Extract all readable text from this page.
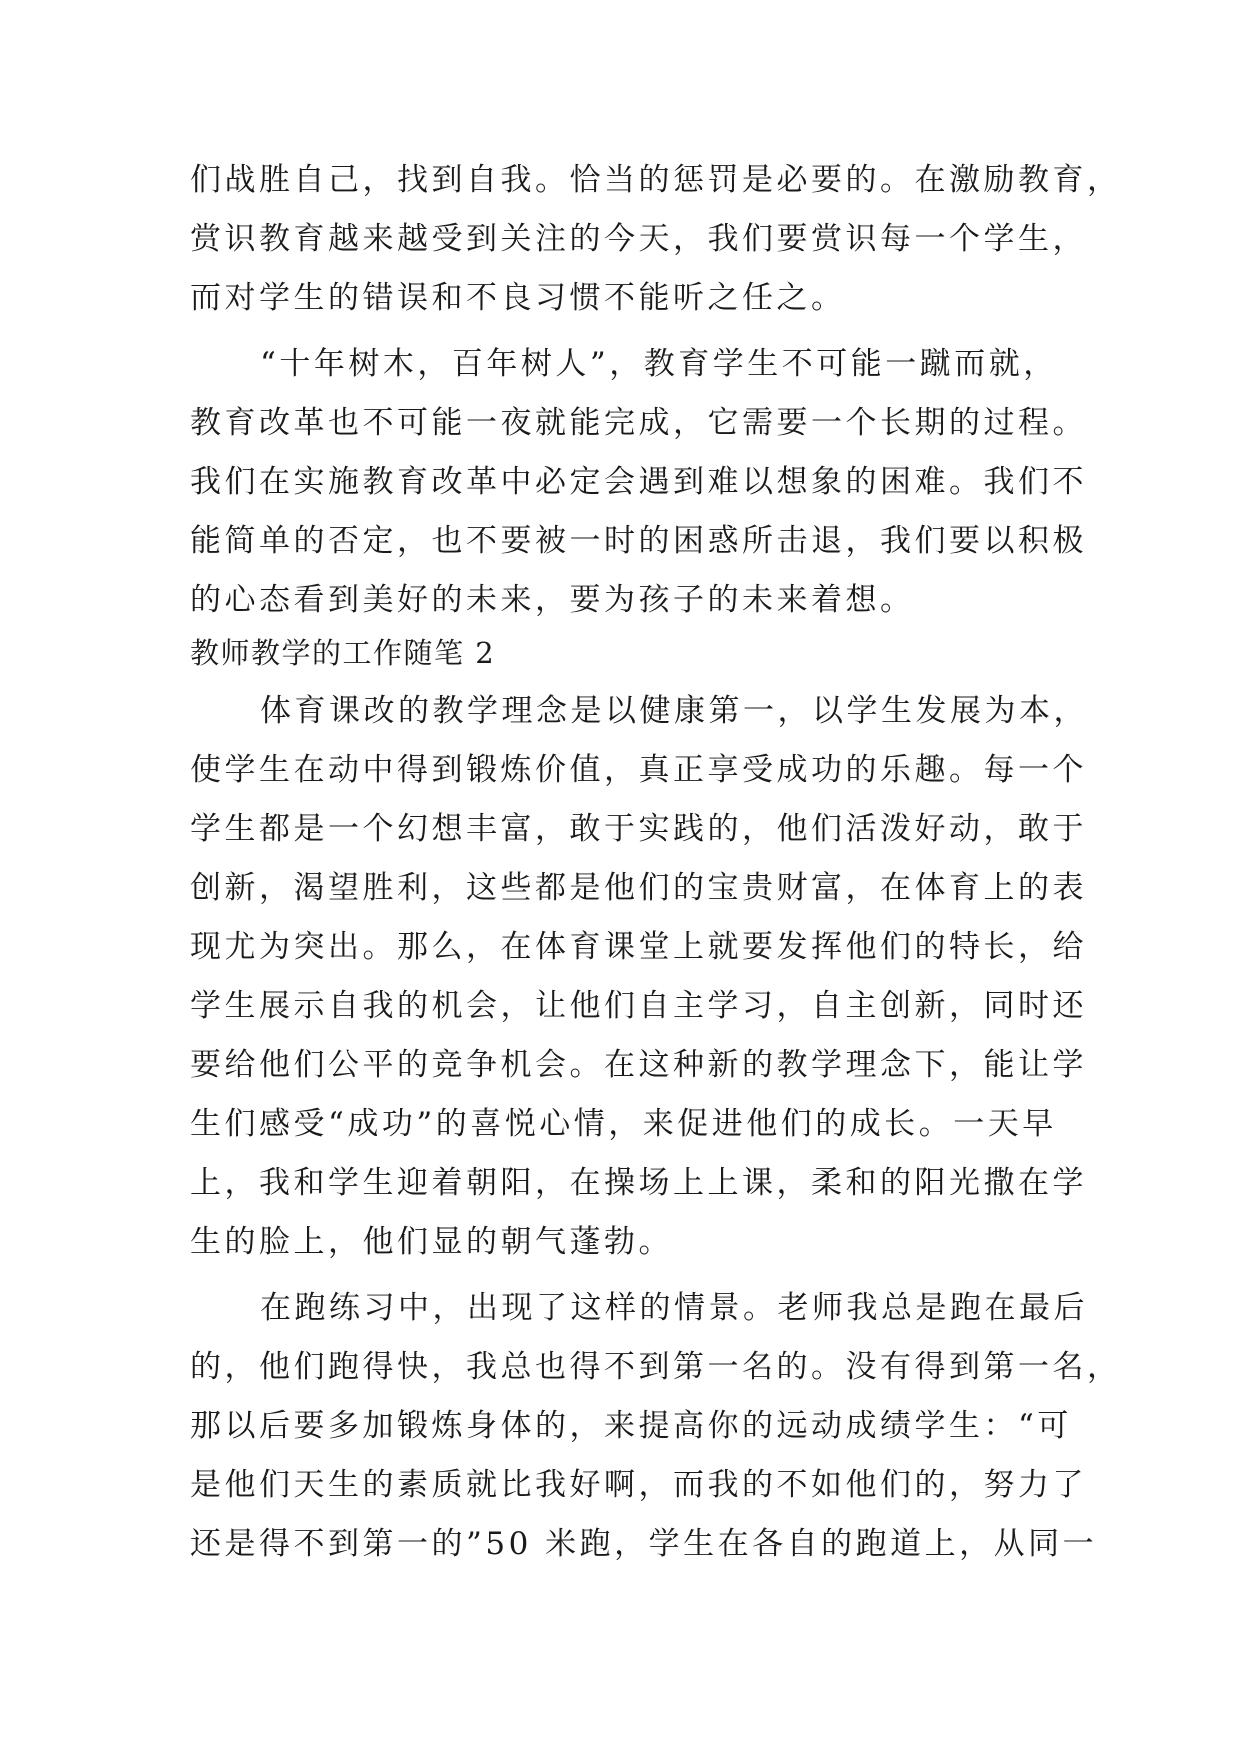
们战胜自己，找到自我。恰当的惩罚是必要的。在激励教育，
赏识教育越来越受到关注的今天，我们要赏识每一个学生，
而对学生的错误和不良习惯不能听之任之。
“十年树木，百年树人”，教育学生不可能一蹴而就，
教育改革也不可能一夜就能完成，它需要一个长期的过程。
我们在实施教育改革中必定会遇到难以想象的困难。我们不
能简单的否定，也不要被一时的困惑所击退，我们要以积极
的心态看到美好的未来，要为孩子的未来着想。
教师教学的工作随笔 2
体育课改的教学理念是以健康第一，以学生发展为本，
使学生在动中得到锻炼价值，真正享受成功的乐趣。每一个
学生都是一个幻想丰富，敢于实践的，他们活泼好动，敢于
创新，渴望胜利，这些都是他们的宝贵财富，在体育上的表
现尤为突出。那么，在体育课堂上就要发挥他们的特长，给
学生展示自我的机会，让他们自主学习，自主创新，同时还
要给他们公平的竞争机会。在这种新的教学理念下，能让学
生们感受“成功”的喜悦心情，来促进他们的成长。一天早
上，我和学生迎着朝阳，在操场上上课，柔和的阳光撒在学
生的脸上，他们显的朝气蓬勃。
在跑练习中，出现了这样的情景。老师我总是跑在最后
的，他们跑得快，我总也得不到第一名的。没有得到第一名，
那以后要多加锻炼身体的，来提高你的远动成绩学生：“可
是他们天生的素质就比我好啊，而我的不如他们的，努力了
还是得不到第一的”50 米跑，学生在各自的跑道上，从同一
